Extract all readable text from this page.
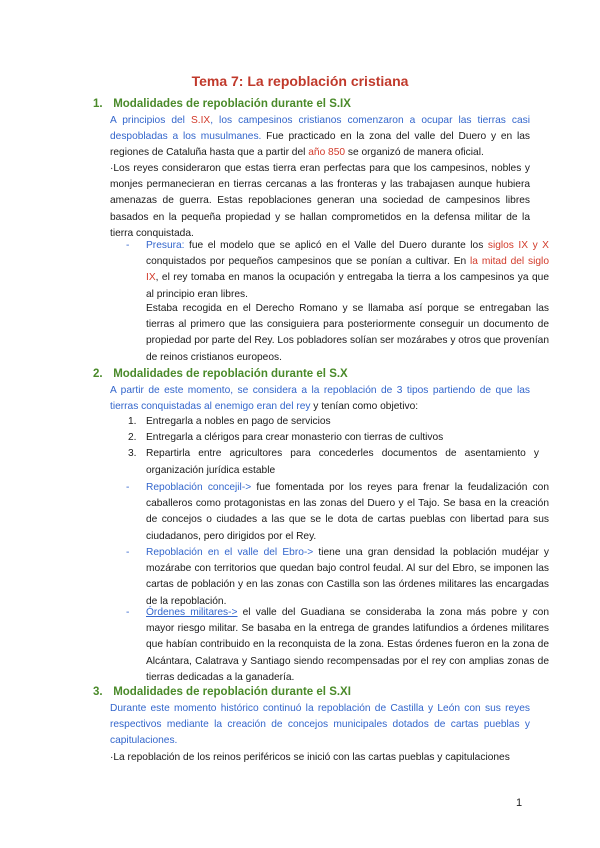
Tema 7: La repoblación cristiana
1. Modalidades de repoblación durante el S.IX
A principios del S.IX, los campesinos cristianos comenzaron a ocupar las tierras casi despobladas a los musulmanes. Fue practicado en la zona del valle del Duero y en las regiones de Cataluña hasta que a partir del año 850 se organizó de manera oficial.
·Los reyes consideraron que estas tierra eran perfectas para que los campesinos, nobles y monjes permanecieran en tierras cercanas a las fronteras y las trabajasen aunque hubiera amenazas de guerra. Estas repoblaciones generan una sociedad de campesinos libres basados en la pequeña propiedad y se hallan comprometidos en la defensa militar de la tierra conquistada.
- Presura: fue el modelo que se aplicó en el Valle del Duero durante los siglos IX y X conquistados por pequeños campesinos que se ponían a cultivar. En la mitad del siglo IX, el rey tomaba en manos la ocupación y entregaba la tierra a los campesinos ya que al principio eran libres.
Estaba recogida en el Derecho Romano y se llamaba así porque se entregaban las tierras al primero que las consiguiera para posteriormente conseguir un documento de propiedad por parte del Rey. Los pobladores solían ser mozárabes y otros que provenían de reinos cristianos europeos.
2. Modalidades de repoblación durante el S.X
A partir de este momento, se considera a la repoblación de 3 tipos partiendo de que las tierras conquistadas al enemigo eran del rey y tenían como objetivo:
1. Entregarla a nobles en pago de servicios
2. Entregarla a clérigos para crear monasterio con tierras de cultivos
3. Repartirla entre agricultores para concederles documentos de asentamiento y organización jurídica estable
- Repoblación concejil-> fue fomentada por los reyes para frenar la feudalización con caballeros como protagonistas en las zonas del Duero y el Tajo. Se basa en la creación de concejos o ciudades a las que se le dota de cartas pueblas con libertad para sus ciudadanos, pero dirigidos por el Rey.
- Repoblación en el valle del Ebro-> tiene una gran densidad la población mudéjar y mozárabe con territorios que quedan bajo control feudal. Al sur del Ebro, se imponen las cartas de población y en las zonas con Castilla son las órdenes militares las encargadas de la repoblación.
- Órdenes militares-> el valle del Guadiana se consideraba la zona más pobre y con mayor riesgo militar. Se basaba en la entrega de grandes latifundios a órdenes militares que habían contribuido en la reconquista de la zona. Estas órdenes fueron en la zona de Alcántara, Calatrava y Santiago siendo recompensadas por el rey con amplias zonas de tierras dedicadas a la ganadería.
3. Modalidades de repoblación durante el S.XI
Durante este momento histórico continuó la repoblación de Castilla y León con sus reyes respectivos mediante la creación de concejos municipales dotados de cartas pueblas y capitulaciones.
·La repoblación de los reinos periféricos se inició con las cartas pueblas y capitulaciones
1
